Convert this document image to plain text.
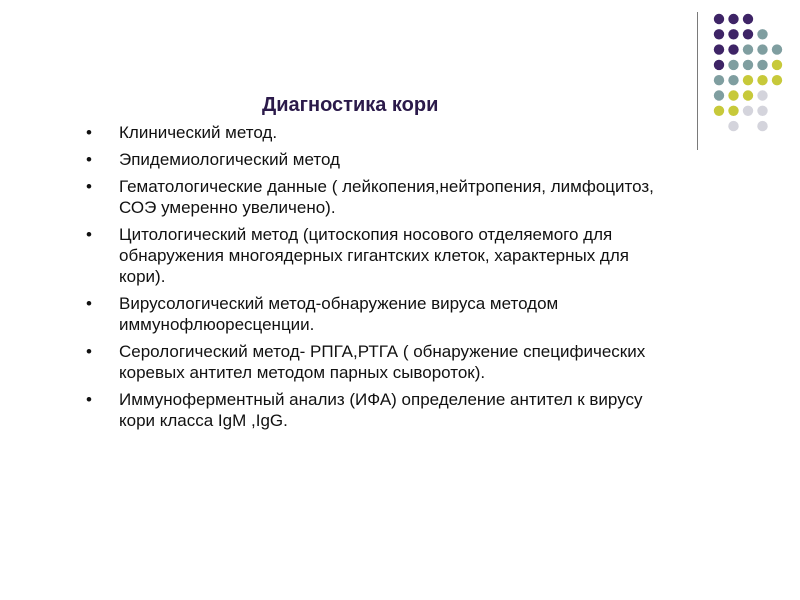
Диагностика кори
•	Клинический метод.
•	Эпидемиологический метод
•	Гематологические данные ( лейкопения,нейтропения, лимфоцитоз,
СОЭ умеренно увеличено).
•	Цитологический метод (цитоскопия носового отделяемого для
обнаружения многоядерных гигантских клеток, характерных для
кори).
•	Вирусологический метод-обнаружение вируса методом
иммунофлюоресценции.
•	Серологический метод- РПГА,РТГА ( обнаружение специфических
коревых антител методом парных сывороток).
•	Иммуноферментный анализ (ИФА) определение антител к вирусу
кори класса IgM ,IgG.
